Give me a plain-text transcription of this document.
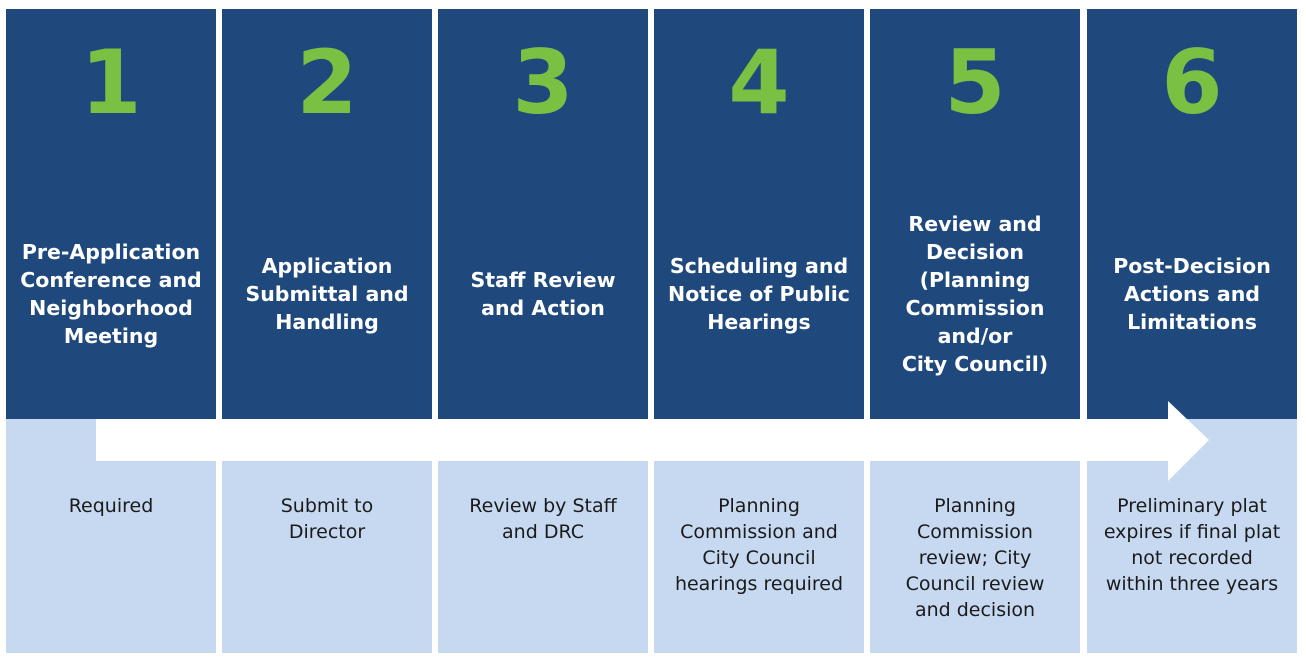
1
Pre-Application
Conference and
Neighborhood
Meeting
Required
2
Application
Submittal and
Handling
Submit to
Director
3
Staff Review
and Action
Review by Staff
and DRC
4
Scheduling and
Notice of Public
Hearings
Planning
Commission and
City Council
hearings required
5
Review and
Decision
(Planning
Commission
and/or
City Council)
Planning
Commission
review; City
Council review
and decision
6
Post-Decision
Actions and
Limitations
Preliminary plat
expires if final plat
not recorded
within three years
